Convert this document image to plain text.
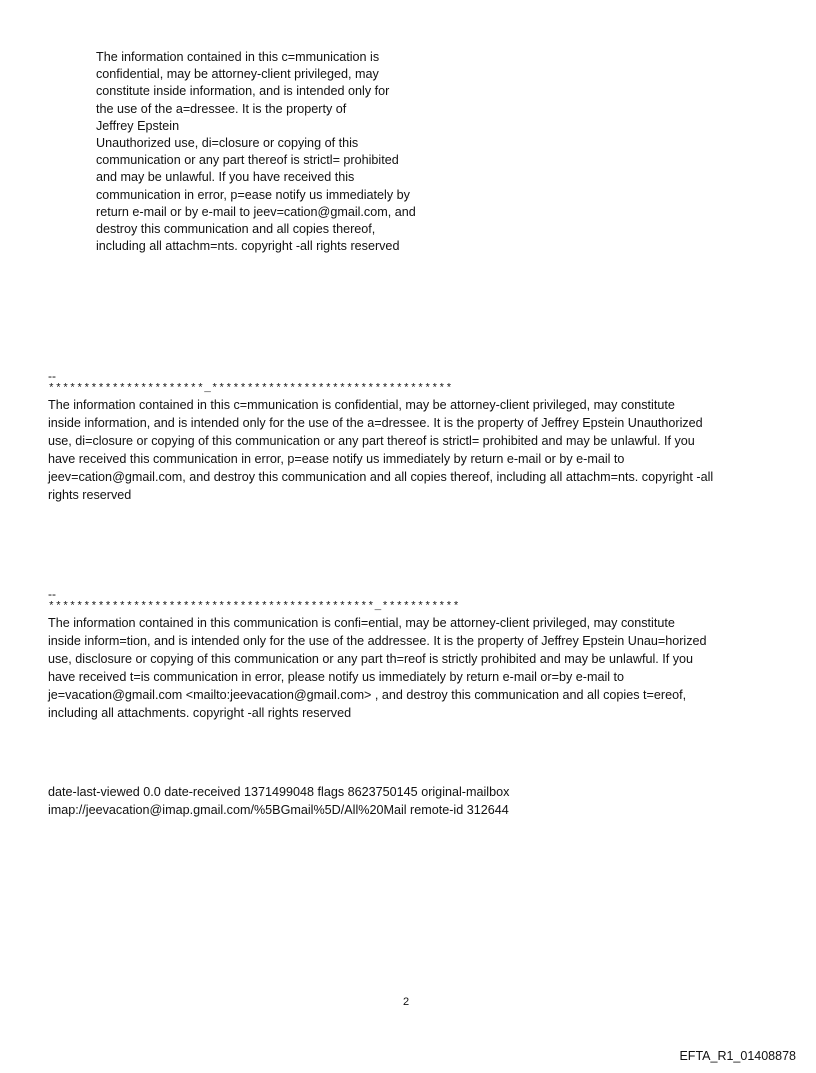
The information contained in this c=mmunication is
confidential, may be attorney-client privileged, may
constitute inside information, and is intended only for
the use of the a=dressee. It is the property of
Jeffrey Epstein
Unauthorized use, di=closure or copying of this
communication or any part thereof is strictl= prohibited
and may be unlawful. If you have received this
communication in error, p=ease notify us immediately by
return e-mail or by e-mail to jeev=cation@gmail.com, and
destroy this communication and all copies thereof,
including all attachm=nts. copyright -all rights reserved
--
**********************_**********************************
The information contained in this c=mmunication is confidential, may be attorney-client privileged, may constitute
inside information, and is intended only for the use of the a=dressee. It is the property of Jeffrey Epstein Unauthorized
use, di=closure or copying of this communication or any part thereof is strictl= prohibited and may be unlawful. If you
have received this communication in error, p=ease notify us immediately by return e-mail or by e-mail to
jeev=cation@gmail.com, and destroy this communication and all copies thereof, including all attachm=nts. copyright -all
rights reserved
--
**********************************************_***********
The information contained in this communication is confi=ential, may be attorney-client privileged, may constitute
inside inform=tion, and is intended only for the use of the addressee. It is the property of Jeffrey Epstein Unau=horized
use, disclosure or copying of this communication or any part th=reof is strictly prohibited and may be unlawful. If you
have received t=is communication in error, please notify us immediately by return e-mail or=by e-mail to
je=vacation@gmail.com <mailto:jeevacation@gmail.com> , and destroy this communication and all copies t=ereof,
including all attachments. copyright -all rights reserved
date-last-viewed 0.0 date-received 1371499048 flags 8623750145 original-mailbox
imap://jeevacation@imap.gmail.com/%5BGmail%5D/All%20Mail remote-id 312644
2
EFTA_R1_01408878
